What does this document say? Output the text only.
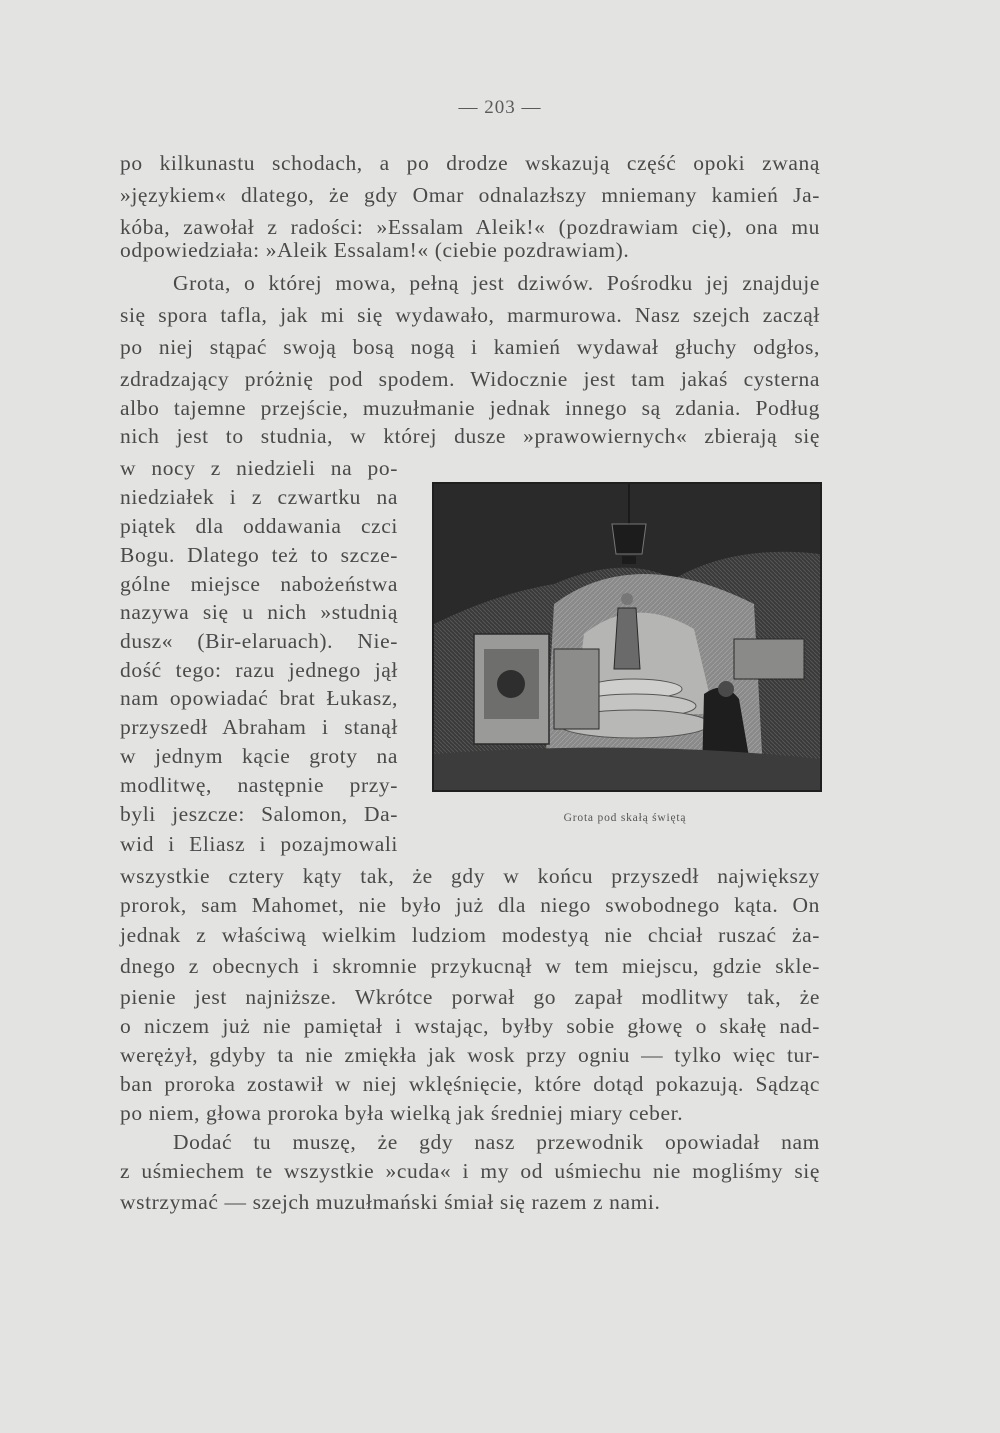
— 203 —
po kilkunastu schodach, a po drodze wskazują część opoki zwaną
»językiem« dlatego, że gdy Omar odnalazłszy mniemany kamień Ja-
kóba, zawołał z radości: »Essalam Aleik!« (pozdrawiam cię), ona mu
odpowiedziała: »Aleik Essalam!« (ciebie pozdrawiam).
Grota, o której mowa, pełną jest dziwów. Pośrodku jej znajduje
się spora tafla, jak mi się wydawało, marmurowa. Nasz szejch zaczął
po niej stąpać swoją bosą nogą i kamień wydawał głuchy odgłos,
zdradzający próżnię pod spodem. Widocznie jest tam jakaś cysterna
albo tajemne przejście, muzułmanie jednak innego są zdania. Podług
nich jest to studnia, w której dusze »prawowiernych« zbierają się
w nocy z niedzieli na po-
niedziałek i z czwartku na
piątek dla oddawania czci
Bogu. Dlatego też to szcze-
gólne miejsce nabożeństwa
nazywa się u nich »studnią
dusz« (Bir-elaruach). Nie-
dość tego: razu jednego jął
nam opowiadać brat Łukasz,
przyszedł Abraham i stanął
w jednym kącie groty na
modlitwę, następnie przy-
byli jeszcze: Salomon, Da-
wid i Eliasz i pozajmowali
wszystkie cztery kąty tak, że gdy w końcu przyszedł największy
prorok, sam Mahomet, nie było już dla niego swobodnego kąta. On
jednak z właściwą wielkim ludziom modestyą nie chciał ruszać ża-
dnego z obecnych i skromnie przykucnął w tem miejscu, gdzie skle-
pienie jest najniższe. Wkrótce porwał go zapał modlitwy tak, że
o niczem już nie pamiętał i wstając, byłby sobie głowę o skałę nad-
werężył, gdyby ta nie zmiękła jak wosk przy ogniu — tylko więc tur-
ban proroka zostawił w niej wklęśnięcie, które dotąd pokazują. Sądząc
po niem, głowa proroka była wielką jak średniej miary ceber.
Dodać tu muszę, że gdy nasz przewodnik opowiadał nam
z uśmiechem te wszystkie »cuda« i my od uśmiechu nie mogliśmy się
wstrzymać — szejch muzułmański śmiał się razem z nami.
Grota pod skałą świętą
